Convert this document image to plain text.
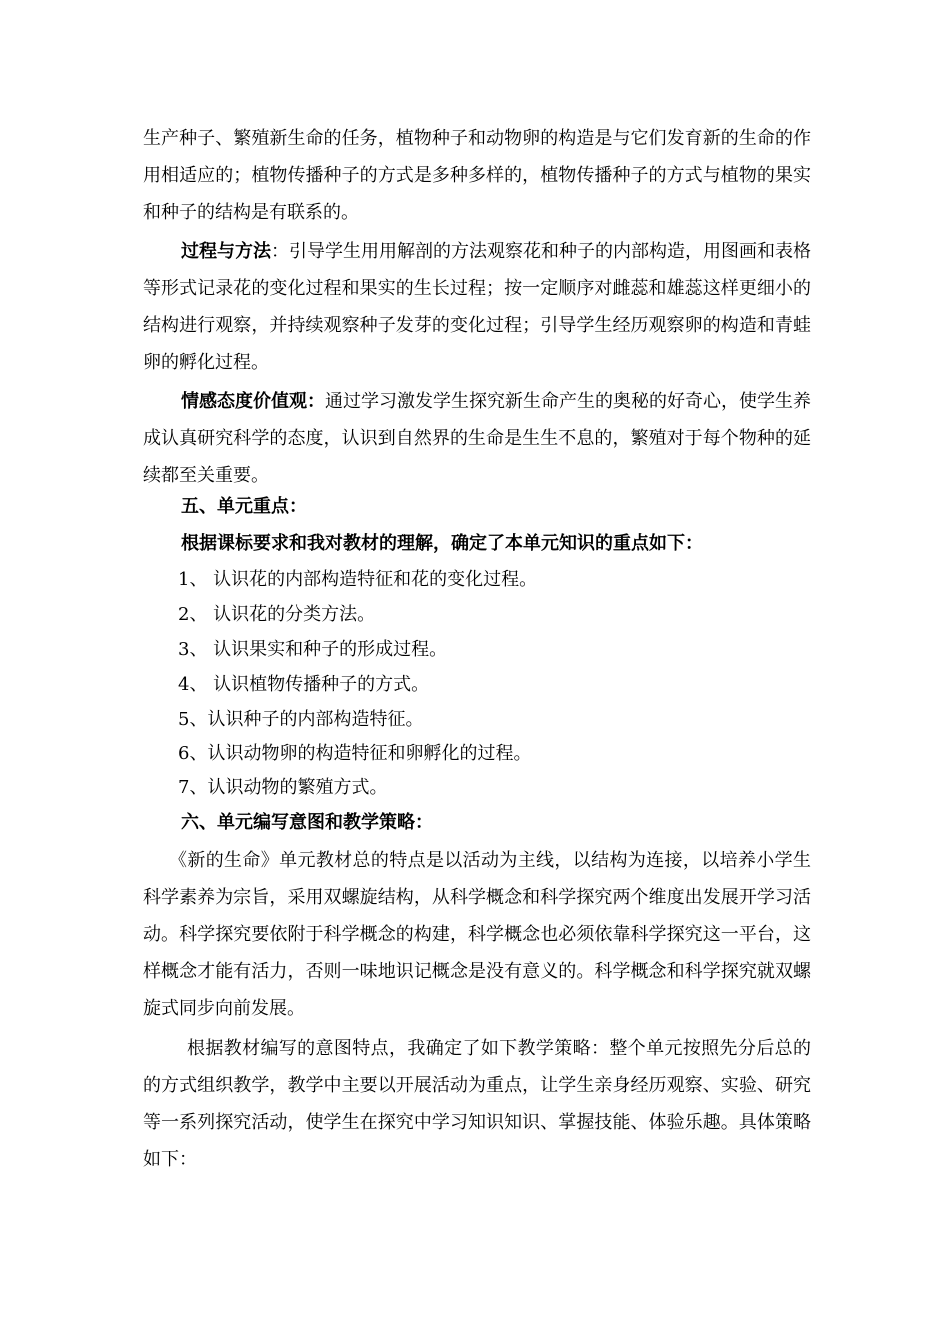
生产种子、繁殖新生命的任务，植物种子和动物卵的构造是与它们发育新的生命的作用相适应的；植物传播种子的方式是多种多样的，植物传播种子的方式与植物的果实和种子的结构是有联系的。

过程与方法：引导学生用用解剖的方法观察花和种子的内部构造，用图画和表格等形式记录花的变化过程和果实的生长过程；按一定顺序对雌蕊和雄蕊这样更细小的结构进行观察，并持续观察种子发芽的变化过程；引导学生经历观察卵的构造和青蛙卵的孵化过程。

情感态度价值观：通过学习激发学生探究新生命产生的奥秘的好奇心，使学生养成认真研究科学的态度，认识到自然界的生命是生生不息的，繁殖对于每个物种的延续都至关重要。

五、单元重点：

根据课标要求和我对教材的理解，确定了本单元知识的重点如下：

1、 认识花的内部构造特征和花的变化过程。

2、 认识花的分类方法。

3、 认识果实和种子的形成过程。

4、 认识植物传播种子的方式。

5、认识种子的内部构造特征。

6、认识动物卵的构造特征和卵孵化的过程。

7、认识动物的繁殖方式。

六、单元编写意图和教学策略：

《新的生命》单元教材总的特点是以活动为主线，以结构为连接，以培养小学生科学素养为宗旨，采用双螺旋结构，从科学概念和科学探究两个维度出发展开学习活动。科学探究要依附于科学概念的构建，科学概念也必须依靠科学探究这一平台，这样概念才能有活力，否则一味地识记概念是没有意义的。科学概念和科学探究就双螺旋式同步向前发展。

根据教材编写的意图特点，我确定了如下教学策略：整个单元按照先分后总的的方式组织教学，教学中主要以开展活动为重点，让学生亲身经历观察、实验、研究等一系列探究活动，使学生在探究中学习知识知识、掌握技能、体验乐趣。具体策略如下：
